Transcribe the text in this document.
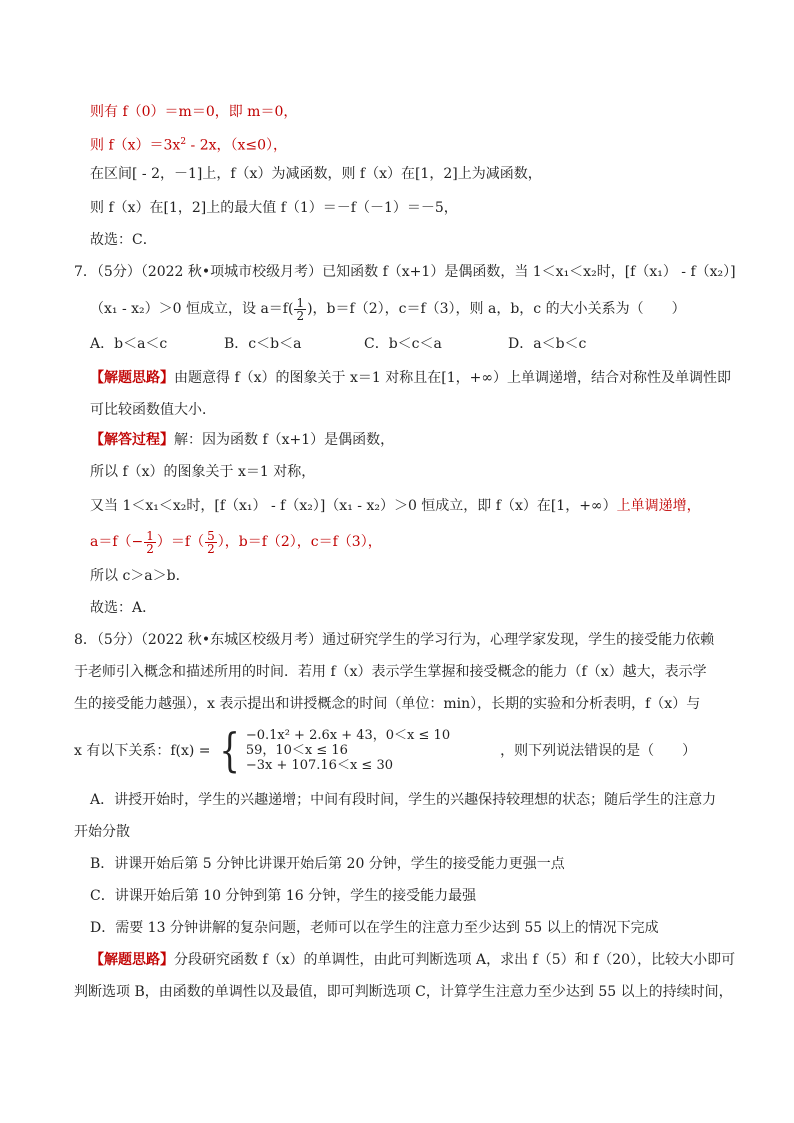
则有 f（0）＝m＝0，即 m＝0，
则 $f(x)=3x^2 - 2x$，（x≤0），
在区间[ - 2，－1]上，f（x）为减函数，则 f（x）在[1，2]上为减函数，
则 f（x）在[1，2]上的最大值 f（1）＝－f（－1）＝－5，
故选：C．
7．（5分）（2022 秋•项城市校级月考）已知函数 f（x+1）是偶函数，当 1＜x₁＜x₂时，[f（x₁） - f（x₂）]
（x₁ - x₂）＞0 恒成立，设 $a=f( \frac{1}{2}$ )，b＝f（2），c＝f（3），则 a，b，c 的大小关系为（　　）
A．b＜a＜c	B．c＜b＜a	C．b＜c＜a	D．a＜b＜c
【解题思路】由题意得 f（x）的图象关于 x＝1 对称且在[1，+∞）上单调递增，结合对称性及单调性即
可比较函数值大小．
【解答过程】解：因为函数 f（x+1）是偶函数，
所以 f（x）的图象关于 x＝1 对称，
又当 1＜x₁＜x₂时，[f（x₁） - f（x₂）]（x₁ - x₂）＞0 恒成立，即 f（x）在[1，+∞）上单调递增，
$a=f(- \frac{1}{2} )=f( \frac{5}{2}$ ），b＝f（2），c＝f（3），
所以 c＞a＞b．
故选：A．
8．（5分）（2022 秋•东城区校级月考）通过研究学生的学习行为，心理学家发现，学生的接受能力依赖
于老师引入概念和描述所用的时间．若用 f（x）表示学生掌握和接受概念的能力（f（x）越大，表示学
生的接受能力越强），x 表示提出和讲授概念的时间（单位：min），长期的实验和分析表明，f（x）与
x 有以下关系：f(x) = { −0.1x² + 2.6x + 43，0＜x ≤ 10
59，10＜x ≤ 16
−3x + 107.16＜x ≤ 30
，则下列说法错误的是（　　）
A．讲授开始时，学生的兴趣递增；中间有段时间，学生的兴趣保持较理想的状态；随后学生的注意力
开始分散
B．讲课开始后第 5 分钟比讲课开始后第 20 分钟，学生的接受能力更强一点
C．讲课开始后第 10 分钟到第 16 分钟，学生的接受能力最强
D．需要 13 分钟讲解的复杂问题，老师可以在学生的注意力至少达到 55 以上的情况下完成
【解题思路】分段研究函数 f（x）的单调性，由此可判断选项 A，求出 f（5）和 f（20），比较大小即可
判断选项 B，由函数的单调性以及最值，即可判断选项 C，计算学生注意力至少达到 55 以上的持续时间，
